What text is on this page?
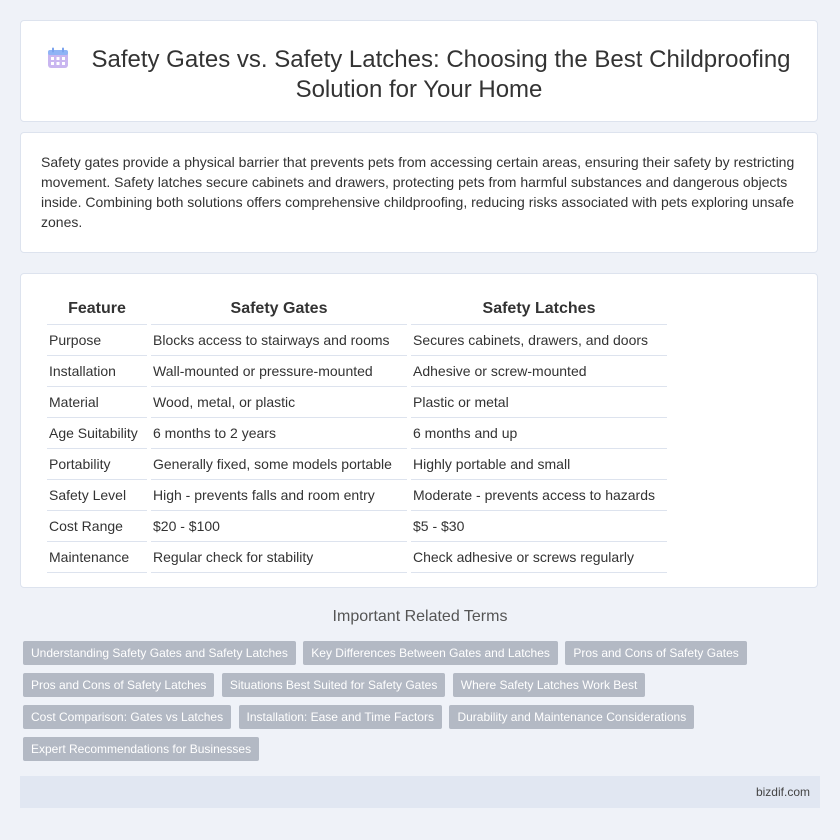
Safety Gates vs. Safety Latches: Choosing the Best Childproofing
Solution for Your Home

Safety gates provide a physical barrier that prevents pets from accessing certain areas, ensuring their safety by restricting movement. Safety latches secure cabinets and drawers, protecting pets from harmful substances and dangerous objects inside. Combining both solutions offers comprehensive childproofing, reducing risks associated with pets exploring unsafe zones.

Feature	Safety Gates	Safety Latches
Purpose	Blocks access to stairways and rooms	Secures cabinets, drawers, and doors
Installation	Wall-mounted or pressure-mounted	Adhesive or screw-mounted
Material	Wood, metal, or plastic	Plastic or metal
Age Suitability	6 months to 2 years	6 months and up
Portability	Generally fixed, some models portable	Highly portable and small
Safety Level	High - prevents falls and room entry	Moderate - prevents access to hazards
Cost Range	$20 - $100	$5 - $30
Maintenance	Regular check for stability	Check adhesive or screws regularly
Important Related Terms
Understanding Safety Gates and Safety Latches Key Differences Between Gates and Latches Pros and Cons of Safety Gates Pros and Cons of Safety Latches Situations Best Suited for Safety Gates Where Safety Latches Work Best Cost Comparison: Gates vs Latches Installation: Ease and Time Factors Durability and Maintenance Considerations Expert Recommendations for Businesses
bizdif.com
